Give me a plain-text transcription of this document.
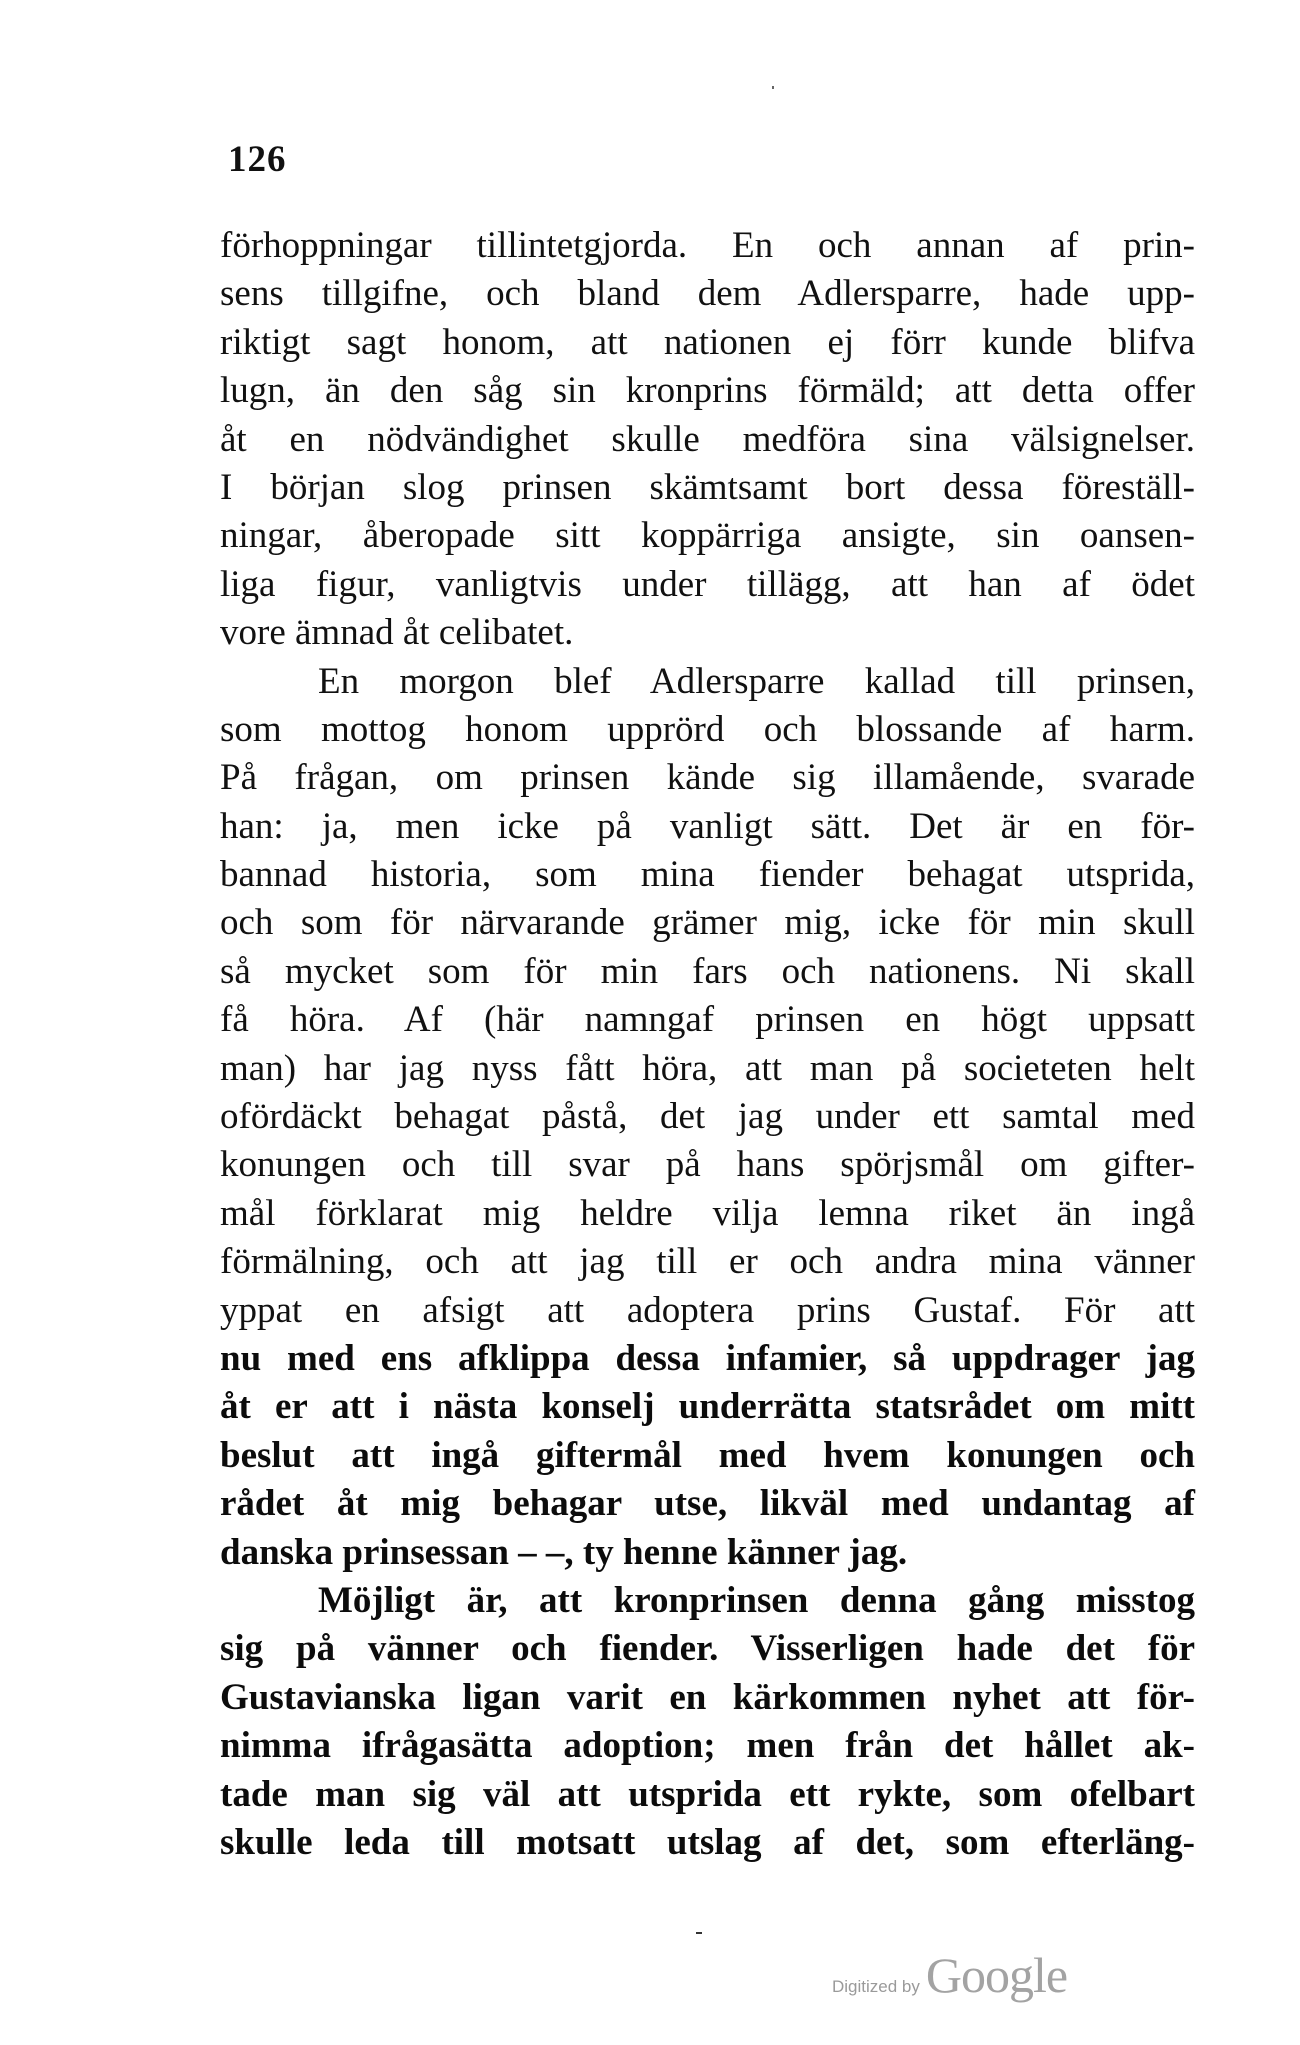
126
förhoppningar tillintetgjorda. En och annan af prin-
sens tillgifne, och bland dem Adlersparre, hade upp-
riktigt sagt honom, att nationen ej förr kunde blifva
lugn, än den såg sin kronprins förmäld; att detta offer
åt en nödvändighet skulle medföra sina välsignelser.
I början slog prinsen skämtsamt bort dessa föreställ-
ningar, åberopade sitt koppärriga ansigte, sin oansen-
liga figur, vanligtvis under tillägg, att han af ödet
vore ämnad åt celibatet.
En morgon blef Adlersparre kallad till prinsen,
som mottog honom upprörd och blossande af harm.
På frågan, om prinsen kände sig illamående, svarade
han: ja, men icke på vanligt sätt. Det är en för-
bannad historia, som mina fiender behagat utsprida,
och som för närvarande grämer mig, icke för min skull
så mycket som för min fars och nationens. Ni skall
få höra. Af (här namngaf prinsen en högt uppsatt
man) har jag nyss fått höra, att man på societeten helt
ofördäckt behagat påstå, det jag under ett samtal med
konungen och till svar på hans spörjsmål om gifter-
mål förklarat mig heldre vilja lemna riket än ingå
förmälning, och att jag till er och andra mina vänner
yppat en afsigt att adoptera prins Gustaf. För att
nu med ens afklippa dessa infamier, så uppdrager jag
åt er att i nästa konselj underrätta statsrådet om mitt
beslut att ingå giftermål med hvem konungen och
rådet åt mig behagar utse, likväl med undantag af
danska prinsessan – –, ty henne känner jag.
Möjligt är, att kronprinsen denna gång misstog
sig på vänner och fiender. Visserligen hade det för
Gustavianska ligan varit en kärkommen nyhet att för-
nimma ifrågasätta adoption; men från det hållet ak-
tade man sig väl att utsprida ett rykte, som ofelbart
skulle leda till motsatt utslag af det, som efterläng-
Digitized by Google
